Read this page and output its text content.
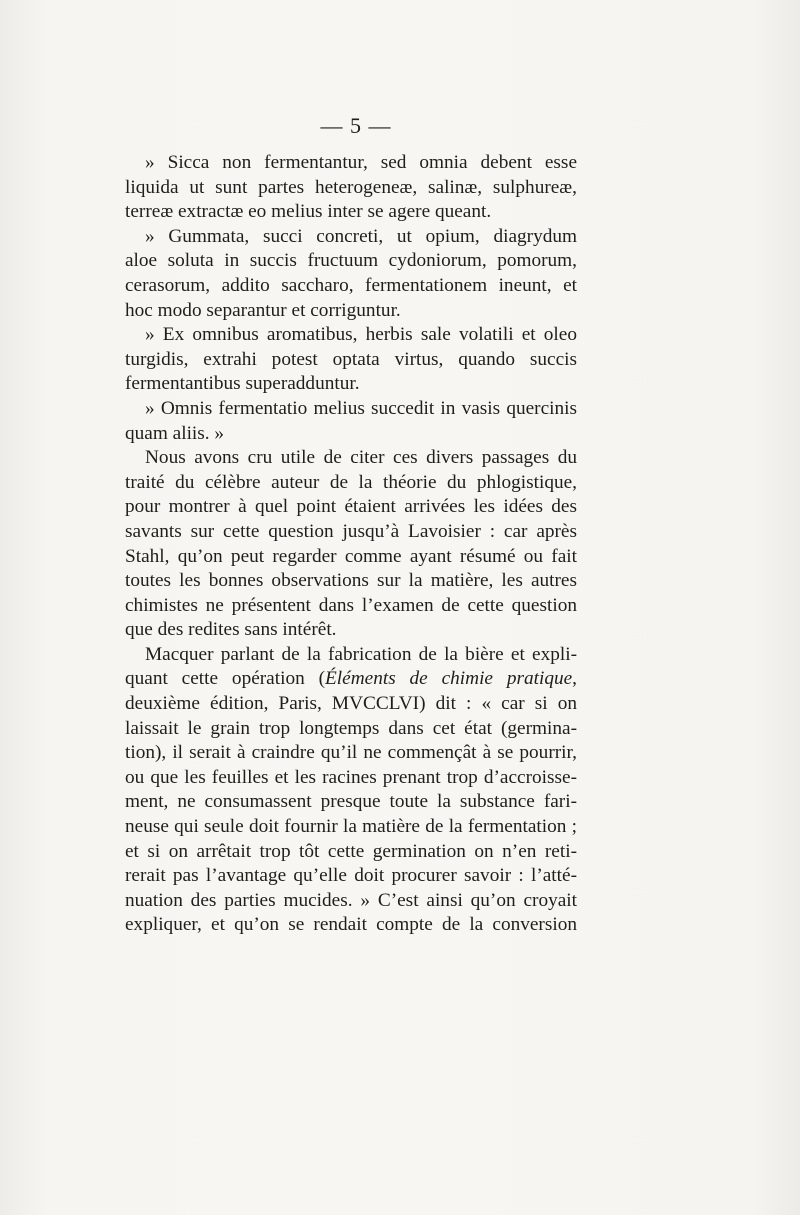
— 5 —

» Sicca non fermentantur, sed omnia debent esse

liquida ut sunt partes heterogeneæ, salinæ, sulphureæ,

terreæ extractæ eo melius inter se agere queant.

» Gummata, succi concreti, ut opium, diagrydum

aloe soluta in succis fructuum cydoniorum, pomorum,

cerasorum, addito saccharo, fermentationem ineunt, et

hoc modo separantur et corriguntur.

» Ex omnibus aromatibus, herbis sale volatili et oleo

turgidis, extrahi potest optata virtus, quando succis

fermentantibus superadduntur.

» Omnis fermentatio melius succedit in vasis quercinis

quam aliis. »

Nous avons cru utile de citer ces divers passages du

traité du célèbre auteur de la théorie du phlogistique,

pour montrer à quel point étaient arrivées les idées des

savants sur cette question jusqu’à Lavoisier : car après

Stahl, qu’on peut regarder comme ayant résumé ou fait

toutes les bonnes observations sur la matière, les autres

chimistes ne présentent dans l’examen de cette question

que des redites sans intérêt.

Macquer parlant de la fabrication de la bière et expli-

quant cette opération (Éléments de chimie pratique,

deuxième édition, Paris, MVCCLVI) dit : « car si on

laissait le grain trop longtemps dans cet état (germina-

tion), il serait à craindre qu’il ne commençât à se pourrir,

ou que les feuilles et les racines prenant trop d’accroisse-

ment, ne consumassent presque toute la substance fari-

neuse qui seule doit fournir la matière de la fermentation ;

et si on arrêtait trop tôt cette germination on n’en reti-

rerait pas l’avantage qu’elle doit procurer savoir : l’atté-

nuation des parties mucides. » C’est ainsi qu’on croyait

expliquer, et qu’on se rendait compte de la conversion
